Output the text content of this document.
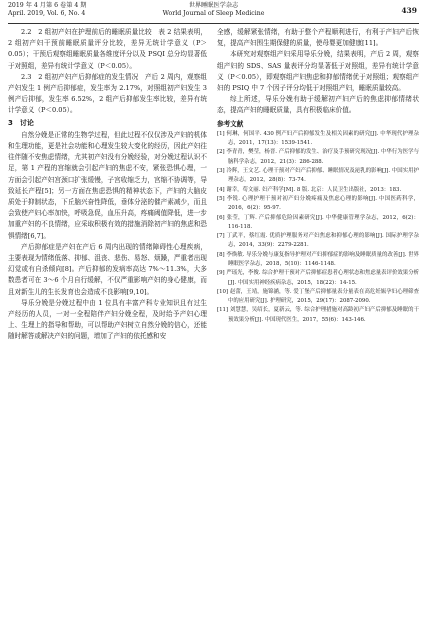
2019 年 4 月第 6 卷第 4 期
April. 2019, Vol. 6, No. 4
世界睡眠医学杂志
World Journal of Sleep Medicine	439

2.2　2 组初产妇在护理前后的睡眠质量比较　表 2 结果表明，2 组初产妇干预前睡眠质量评分比较，差异无统计学意义（P＞0.05）；干预后观察组睡眠质量各维度评分以及 PSQI 总分均显著低于对照组，差异有统计学意义（P＜0.05）。

2.3　2 组初产妇产后抑郁症的发生情况　产后 2 周内，观察组产妇发生 1 例产后抑郁症，发生率为 2.17%，对照组初产妇发生 3 例产后抑郁，发生率 6.52%，2 组产后抑郁发生率比较，差异有统计学意义（P＜0.05）。

3　讨论

自然分娩是正常的生物学过程，但此过程不仅仅涉及产妇的机体和生理功能，更是社会功能和心理发生较大变化的经历，因此产妇往往伴随不安焦虑情绪，尤其初产妇没有分娩经验，对分娩过程认识不足，第 1 产程的宫缩就会引起产妇的焦虑不安，紧张恐惧心理，一方面会引起产妇宫颈口扩张缓慢，子宫收缩乏力，宫缩不协调等，导致延长产程[5]；另一方面在焦虑恐惧的精神状态下，产妇的大脑皮质处于抑制状态，下丘脑兴奋性降低，垂体分泌的催产素减少，而且会致使产妇心率加快，呼吸急促，血压升高，疼痛阈值降低，进一步加重产妇的不良情绪，应采取积极有效的措施消除初产妇的焦虑和恐惧情绪[6,7]。

产后抑郁症是产妇在产后 6 周内出现的情绪障碍性心理疾病，主要表现为情绪低落、抑郁、沮丧、悲伤、易怒、烦躁，严重者出现幻觉或有自杀倾向[8]。产后抑郁的发病率高达 7%～11.3%，大多数患者可在 3～6 个月自行缓解，不仅严重影响产妇的身心健康，而且对新生儿的生长发育也会造成不良影响[9,10]。

导乐分娩是分娩过程中由 1 位具有丰富产科专业知识且有过生产经历的人员，一对一全程陪伴产妇分娩全程，及时给予产妇心理上、生理上的指导和帮助，可以帮助产妇树立自然分娩的信心，还能随时解答或解决产妇的问题，增加了产妇的依托感和安

全感，缓解紧张情绪，有助于整个产程顺利进行，有利于产妇产后恢复，提高产妇围生期保健的质量，使母婴更加健康[11]。

本研究对观察组产妇采用导乐分娩，结果表明，产后 2 周，观察组产妇的 SDS、SAS 量表评分均显著低于对照组，差异有统计学意义（P＜0.05），即观察组产妇焦虑和抑郁情绪优于对照组；观察组产妇的 PSIQ 中 7 个因子评分均低于对照组产妇，睡眠质量较高。

综上所述，导乐分娩有助于缓解初产妇产后的焦虑抑郁情绪状态，提高产妇的睡眠质量，具有积极临床价值。

参考文献
[1] 何琳，何国平. 430 例产妇产后抑郁发生及相关因素的研究[J]. 中华现代护理杂志，2011，17(13)：1539-1541.
[2] 李青青，樊莹，杨晋. 产后抑郁的发生、治疗及手预研究现况[J]. 中华行为医学与脑科学杂志，2012，21(3)：286-288.
[3] 冷辉，王文艺. 心理干预对产妇产后抑郁、睡眠情况及泌乳的影响[J]. 中国实用护理杂志，2012，28(8)：73-74.
[4] 谢幸，苟文丽. 妇产科学[M]. 8 版. 北京：人民卫生出版社，2013：183.
[5] 李锐. 心理护理干预对初产妇分娩疼痛及焦虑心理的影响[J]. 中国医药科学，2016，6(2)：95-97.
[6] 张莹，丁辉. 产后抑郁危险因素研究[J]. 中华健康管理学杂志，2012，6(2)：116-118.
[7] 丁武平，蔡红霞. 优质护理服务对产妇焦虑和抑郁心理的影响[J]. 国际护理学杂志，2014，33(9)：2279-2281.
[8] 李焕敏. 导乐分娩与康复指导护理对产妇抑郁症的影响及睡眠质量的改善[J]. 世界睡眠医学杂志，2018，5(10)：1146-1148.
[9] 严瑶光，李俊. 综合护理干预对产后抑郁症患者心理状态和焦虑量表评价效果分析[J]. 中国实用神经疾病杂志，2015，18(22)：14-15.
[10] 赵蕾，王靖，施锦涵，等. 爱丁堡产后抑郁量表分量表在高危妊娠孕妇心理筛查中的应用研究[J]. 护理研究，2015，29(17)：2087-2090.
[11] 刘慧慧，吴绍长，夏新云，等. 综合护理措施对高龄初产妇产后抑郁及睡眠的干预效果分析[J]. 中国现代医生，2017，55(6)：143-146.
